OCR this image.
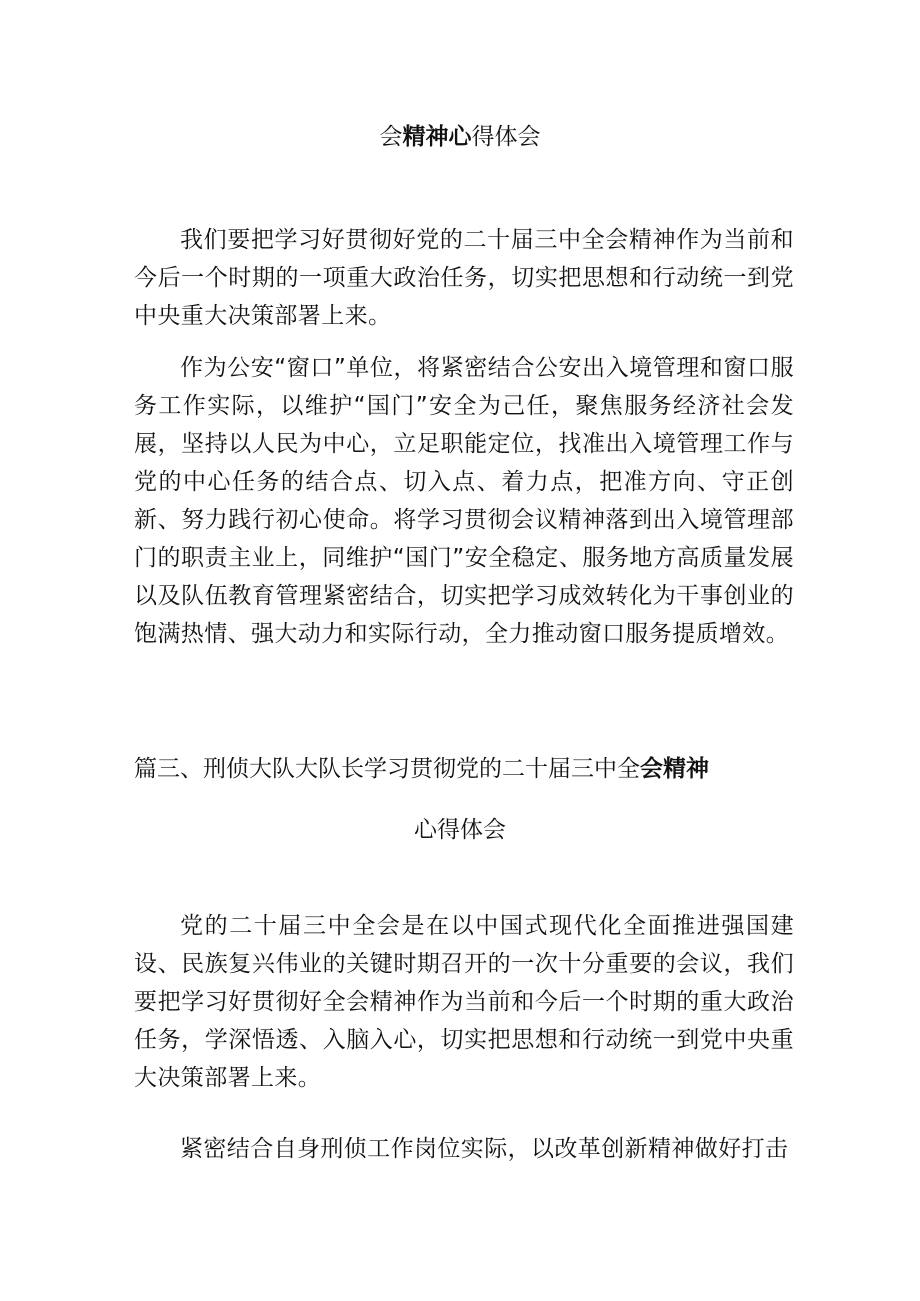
会精神心得体会

我们要把学习好贯彻好党的二十届三中全会精神作为当前和今后一个时期的一项重大政治任务，切实把思想和行动统一到党中央重大决策部署上来。

作为公安“窗口”单位，将紧密结合公安出入境管理和窗口服务工作实际，以维护“国门”安全为己任，聚焦服务经济社会发展，坚持以人民为中心，立足职能定位，找准出入境管理工作与党的中心任务的结合点、切入点、着力点，把准方向、守正创新、努力践行初心使命。将学习贯彻会议精神落到出入境管理部门的职责主业上，同维护“国门”安全稳定、服务地方高质量发展以及队伍教育管理紧密结合，切实把学习成效转化为干事创业的饱满热情、强大动力和实际行动，全力推动窗口服务提质增效。

篇三、刑侦大队大队长学习贯彻党的二十届三中全会精神
心得体会

党的二十届三中全会是在以中国式现代化全面推进强国建设、民族复兴伟业的关键时期召开的一次十分重要的会议，我们要把学习好贯彻好全会精神作为当前和今后一个时期的重大政治任务，学深悟透、入脑入心，切实把思想和行动统一到党中央重大决策部署上来。

紧密结合自身刑侦工作岗位实际，以改革创新精神做好打击
